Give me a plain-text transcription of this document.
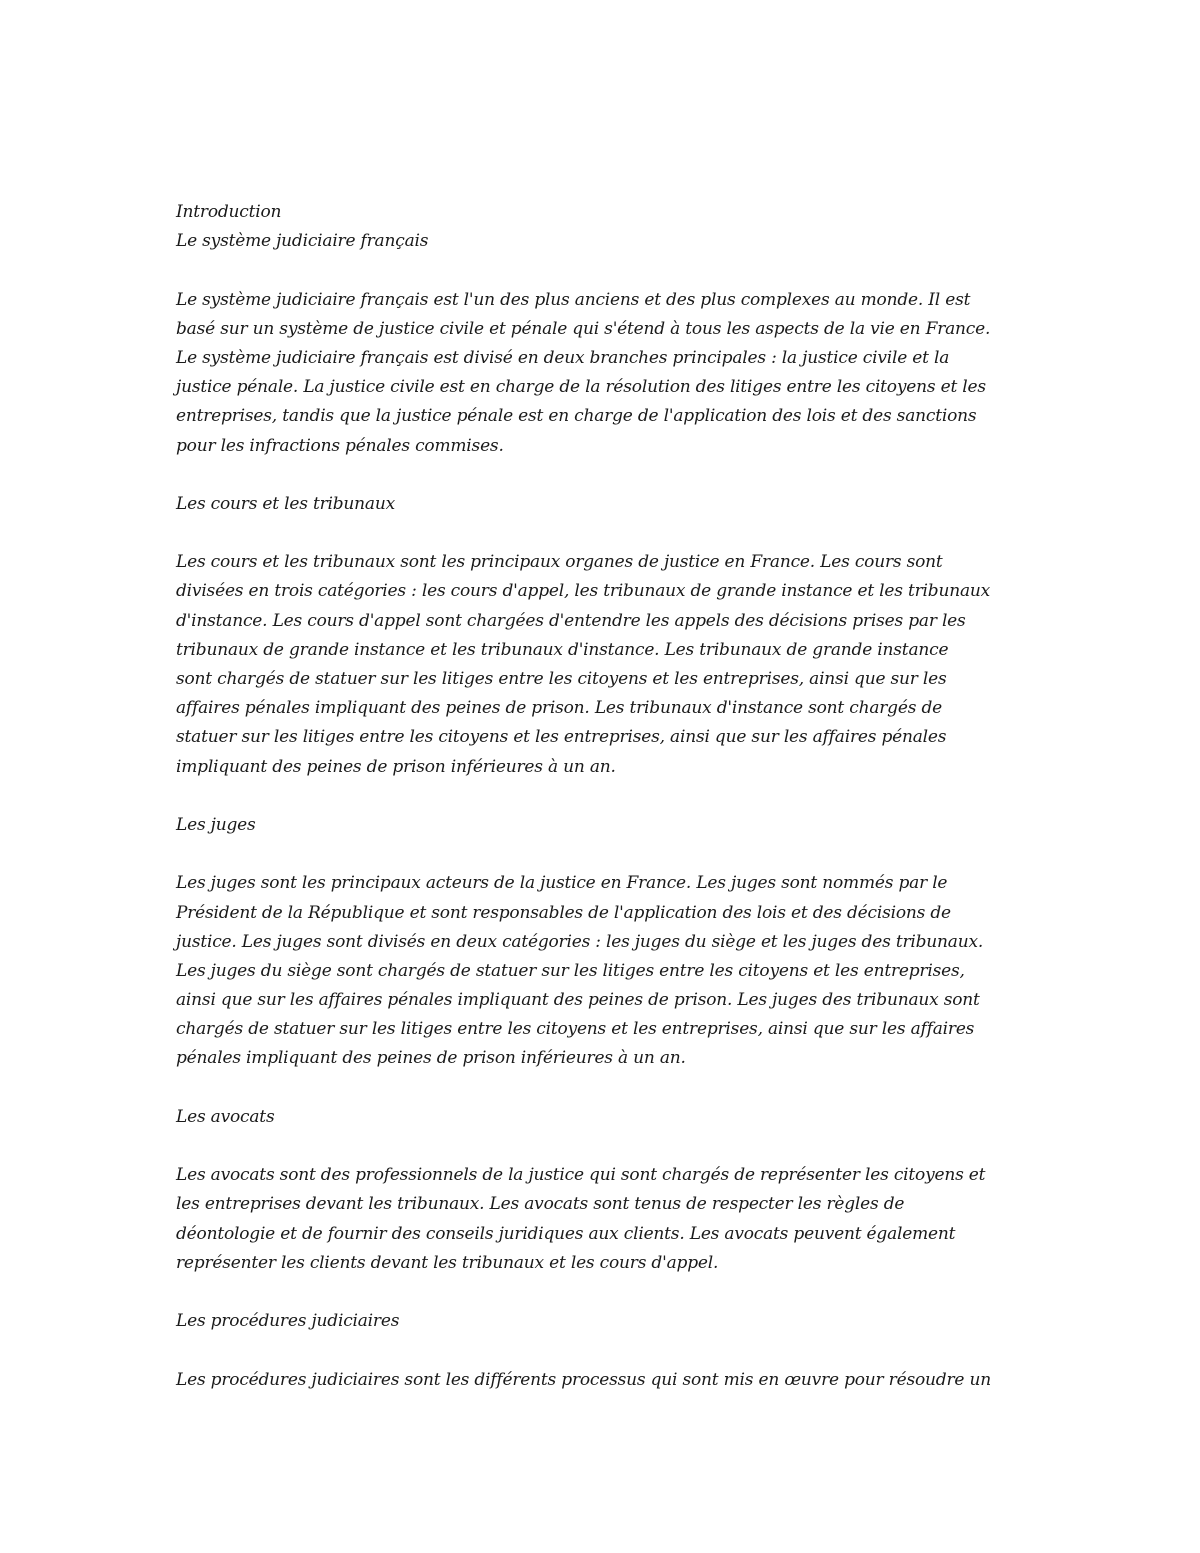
Introduction
Le système judiciaire français
Le système judiciaire français est l'un des plus anciens et des plus complexes au monde. Il est
basé sur un système de justice civile et pénale qui s'étend à tous les aspects de la vie en France.
Le système judiciaire français est divisé en deux branches principales : la justice civile et la
justice pénale. La justice civile est en charge de la résolution des litiges entre les citoyens et les
entreprises, tandis que la justice pénale est en charge de l'application des lois et des sanctions
pour les infractions pénales commises.
Les cours et les tribunaux
Les cours et les tribunaux sont les principaux organes de justice en France. Les cours sont
divisées en trois catégories : les cours d'appel, les tribunaux de grande instance et les tribunaux
d'instance. Les cours d'appel sont chargées d'entendre les appels des décisions prises par les
tribunaux de grande instance et les tribunaux d'instance. Les tribunaux de grande instance
sont chargés de statuer sur les litiges entre les citoyens et les entreprises, ainsi que sur les
affaires pénales impliquant des peines de prison. Les tribunaux d'instance sont chargés de
statuer sur les litiges entre les citoyens et les entreprises, ainsi que sur les affaires pénales
impliquant des peines de prison inférieures à un an.
Les juges
Les juges sont les principaux acteurs de la justice en France. Les juges sont nommés par le
Président de la République et sont responsables de l'application des lois et des décisions de
justice. Les juges sont divisés en deux catégories : les juges du siège et les juges des tribunaux.
Les juges du siège sont chargés de statuer sur les litiges entre les citoyens et les entreprises,
ainsi que sur les affaires pénales impliquant des peines de prison. Les juges des tribunaux sont
chargés de statuer sur les litiges entre les citoyens et les entreprises, ainsi que sur les affaires
pénales impliquant des peines de prison inférieures à un an.
Les avocats
Les avocats sont des professionnels de la justice qui sont chargés de représenter les citoyens et
les entreprises devant les tribunaux. Les avocats sont tenus de respecter les règles de
déontologie et de fournir des conseils juridiques aux clients. Les avocats peuvent également
représenter les clients devant les tribunaux et les cours d'appel.
Les procédures judiciaires
Les procédures judiciaires sont les différents processus qui sont mis en œuvre pour résoudre un
